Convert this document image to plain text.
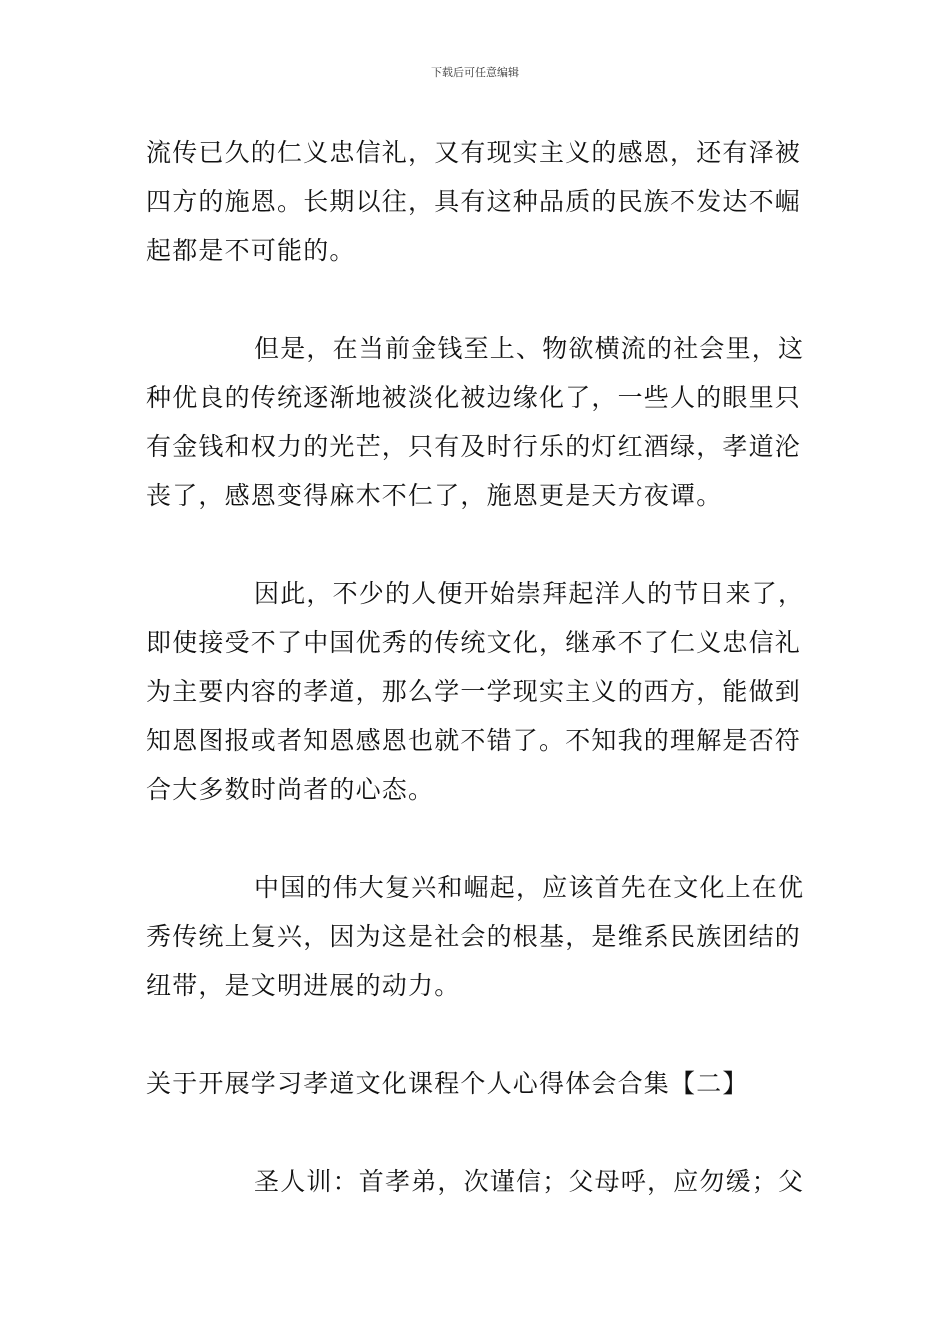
下载后可任意编辑
流传已久的仁义忠信礼，又有现实主义的感恩，还有泽被
四方的施恩。长期以往，具有这种品质的民族不发达不崛
起都是不可能的。
但是，在当前金钱至上、物欲横流的社会里，这
种优良的传统逐渐地被淡化被边缘化了，一些人的眼里只
有金钱和权力的光芒，只有及时行乐的灯红酒绿，孝道沦
丧了，感恩变得麻木不仁了，施恩更是天方夜谭。
因此，不少的人便开始崇拜起洋人的节日来了，
即使接受不了中国优秀的传统文化，继承不了仁义忠信礼
为主要内容的孝道，那么学一学现实主义的西方，能做到
知恩图报或者知恩感恩也就不错了。不知我的理解是否符
合大多数时尚者的心态。
中国的伟大复兴和崛起，应该首先在文化上在优
秀传统上复兴，因为这是社会的根基，是维系民族团结的
纽带，是文明进展的动力。
关于开展学习孝道文化课程个人心得体会合集【二】
圣人训：首孝弟，次谨信；父母呼，应勿缓；父
